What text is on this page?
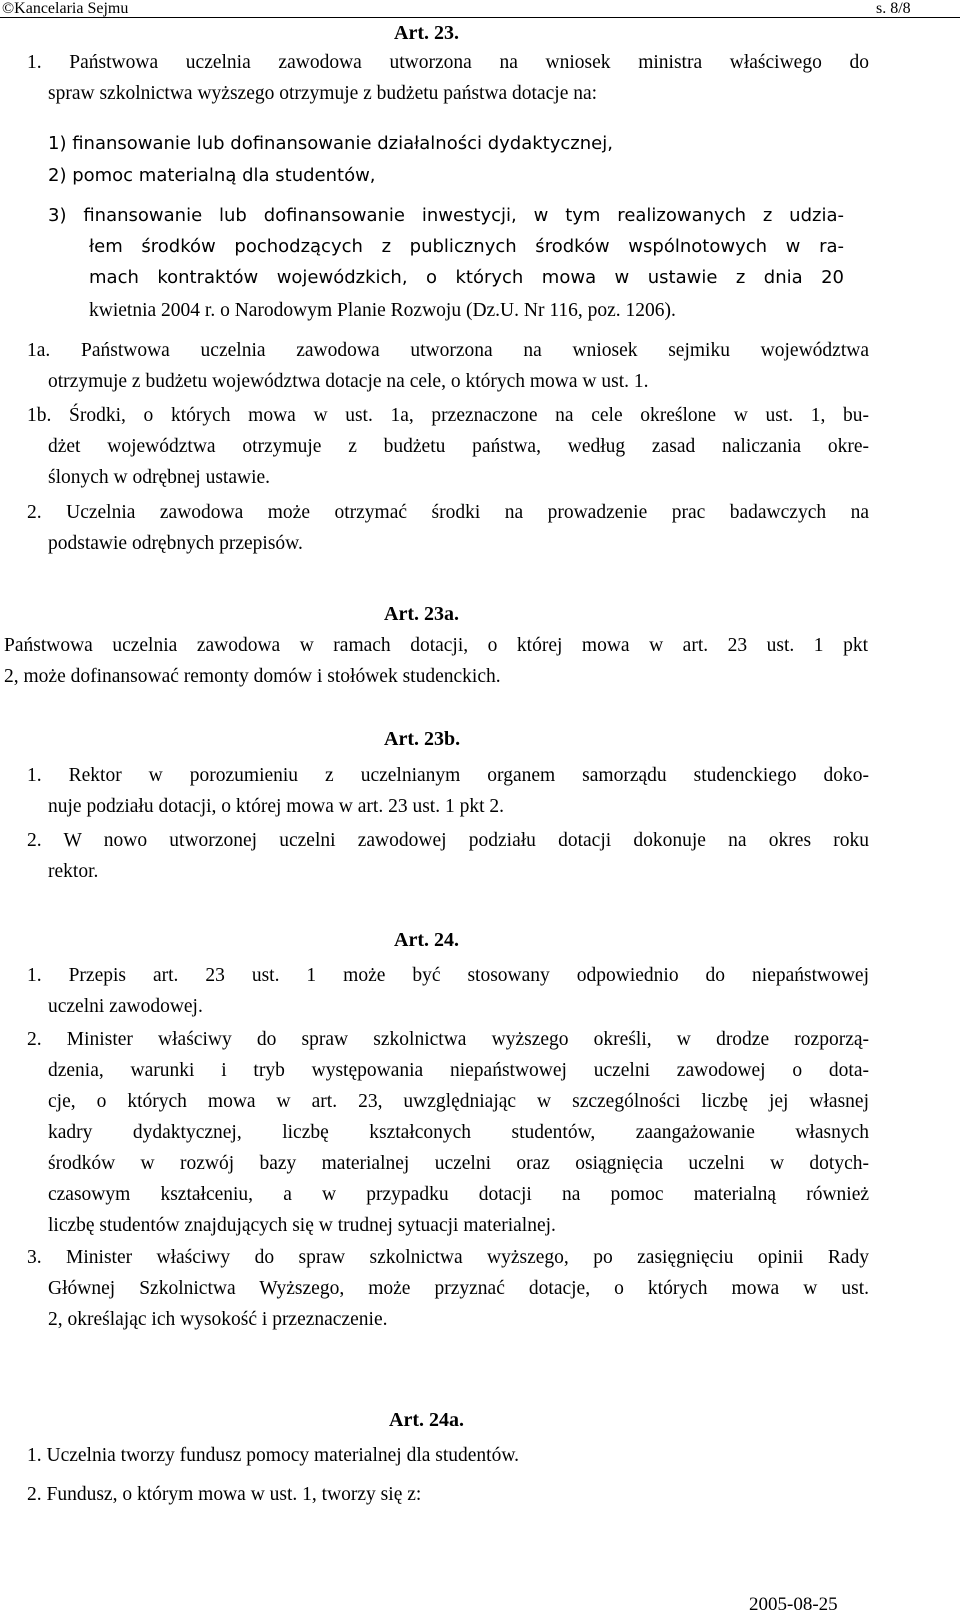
©Kancelaria Sejmu	s. 8/8
Art. 23.
1. Państwowa uczelnia zawodowa utworzona na wniosek ministra właściwego do
spraw szkolnictwa wyższego otrzymuje z budżetu państwa dotacje na:
1) finansowanie lub dofinansowanie działalności dydaktycznej,
2) pomoc materialną dla studentów,
3) finansowanie lub dofinansowanie inwestycji, w tym realizowanych z udzia-
łem środków pochodzących z publicznych środków wspólnotowych w ra-
mach kontraktów wojewódzkich, o których mowa w ustawie z dnia 20
kwietnia 2004 r. o Narodowym Planie Rozwoju (Dz.U. Nr 116, poz. 1206).
1a. Państwowa uczelnia zawodowa utworzona na wniosek sejmiku województwa
otrzymuje z budżetu województwa dotacje na cele, o których mowa w ust. 1.
1b. Środki, o których mowa w ust. 1a, przeznaczone na cele określone w ust. 1, bu-
dżet województwa otrzymuje z budżetu państwa, według zasad naliczania okre-
ślonych w odrębnej ustawie.
2. Uczelnia zawodowa może otrzymać środki na prowadzenie prac badawczych na
podstawie odrębnych przepisów.
Art. 23a.
Państwowa uczelnia zawodowa w ramach dotacji, o której mowa w art. 23 ust. 1 pkt
2, może dofinansować remonty domów i stołówek studenckich.
Art. 23b.
1. Rektor w porozumieniu z uczelnianym organem samorządu studenckiego doko-
nuje podziału dotacji, o której mowa w art. 23 ust. 1 pkt 2.
2. W nowo utworzonej uczelni zawodowej podziału dotacji dokonuje na okres roku
rektor.
Art. 24.
1. Przepis art. 23 ust. 1 może być stosowany odpowiednio do niepaństwowej
uczelni zawodowej.
2. Minister właściwy do spraw szkolnictwa wyższego określi, w drodze rozporzą-
dzenia, warunki i tryb występowania niepaństwowej uczelni zawodowej o dota-
cje, o których mowa w art. 23, uwzględniając w szczególności liczbę jej własnej
kadry dydaktycznej, liczbę kształconych studentów, zaangażowanie własnych
środków w rozwój bazy materialnej uczelni oraz osiągnięcia uczelni w dotych-
czasowym kształceniu, a w przypadku dotacji na pomoc materialną również
liczbę studentów znajdujących się w trudnej sytuacji materialnej.
3. Minister właściwy do spraw szkolnictwa wyższego, po zasięgnięciu opinii Rady
Głównej Szkolnictwa Wyższego, może przyznać dotacje, o których mowa w ust.
2, określając ich wysokość i przeznaczenie.
Art. 24a.
1. Uczelnia tworzy fundusz pomocy materialnej dla studentów.
2. Fundusz, o którym mowa w ust. 1, tworzy się z:
2005-08-25
